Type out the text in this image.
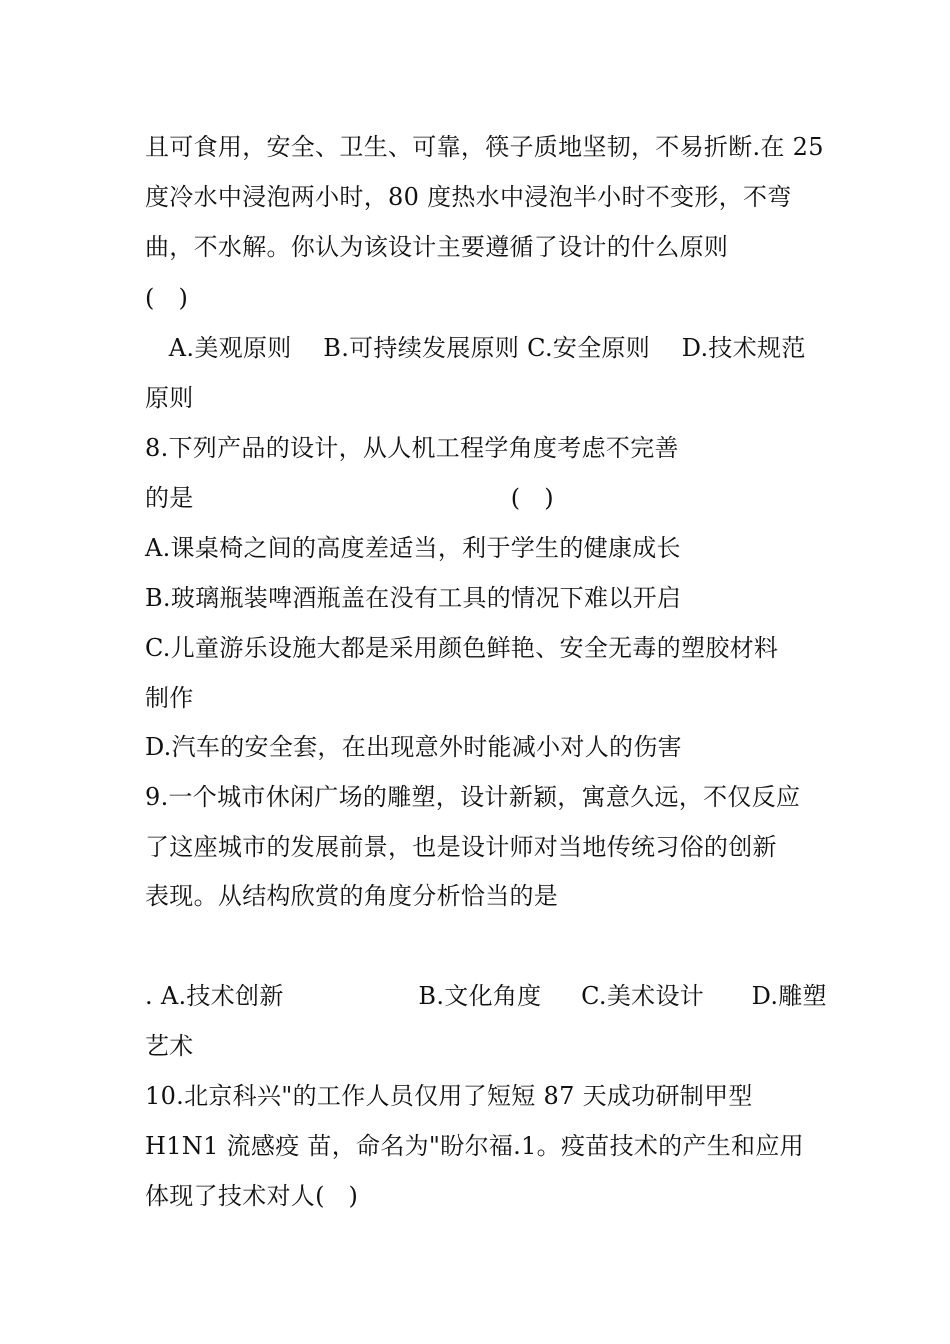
且可食用，安全、卫生、可靠，筷子质地坚韧，不易折断.在 25
度冷水中浸泡两小时，80 度热水中浸泡半小时不变形，不弯
曲，不水解。你认为该设计主要遵循了设计的什么原则
(   )
A.美观原则    B.可持续发展原则 C.安全原则    D.技术规范
原则
8.下列产品的设计，从人机工程学角度考虑不完善
的是                                        (   )
A.课桌椅之间的高度差适当，利于学生的健康成长
B.玻璃瓶装啤酒瓶盖在没有工具的情况下难以开启
C.儿童游乐设施大都是采用颜色鲜艳、安全无毒的塑胶材料
制作
D.汽车的安全套，在出现意外时能减小对人的伤害
9.一个城市休闲广场的雕塑，设计新颖，寓意久远，不仅反应
了这座城市的发展前景，也是设计师对当地传统习俗的创新
表现。从结构欣赏的角度分析恰当的是
. A.技术创新                 B.文化角度     C.美术设计      D.雕塑
艺术
10.北京科兴"的工作人员仅用了短短 87 天成功研制甲型
H1N1 流感疫 苗，命名为"盼尔福.1。疫苗技术的产生和应用
体现了技术对人(   )
